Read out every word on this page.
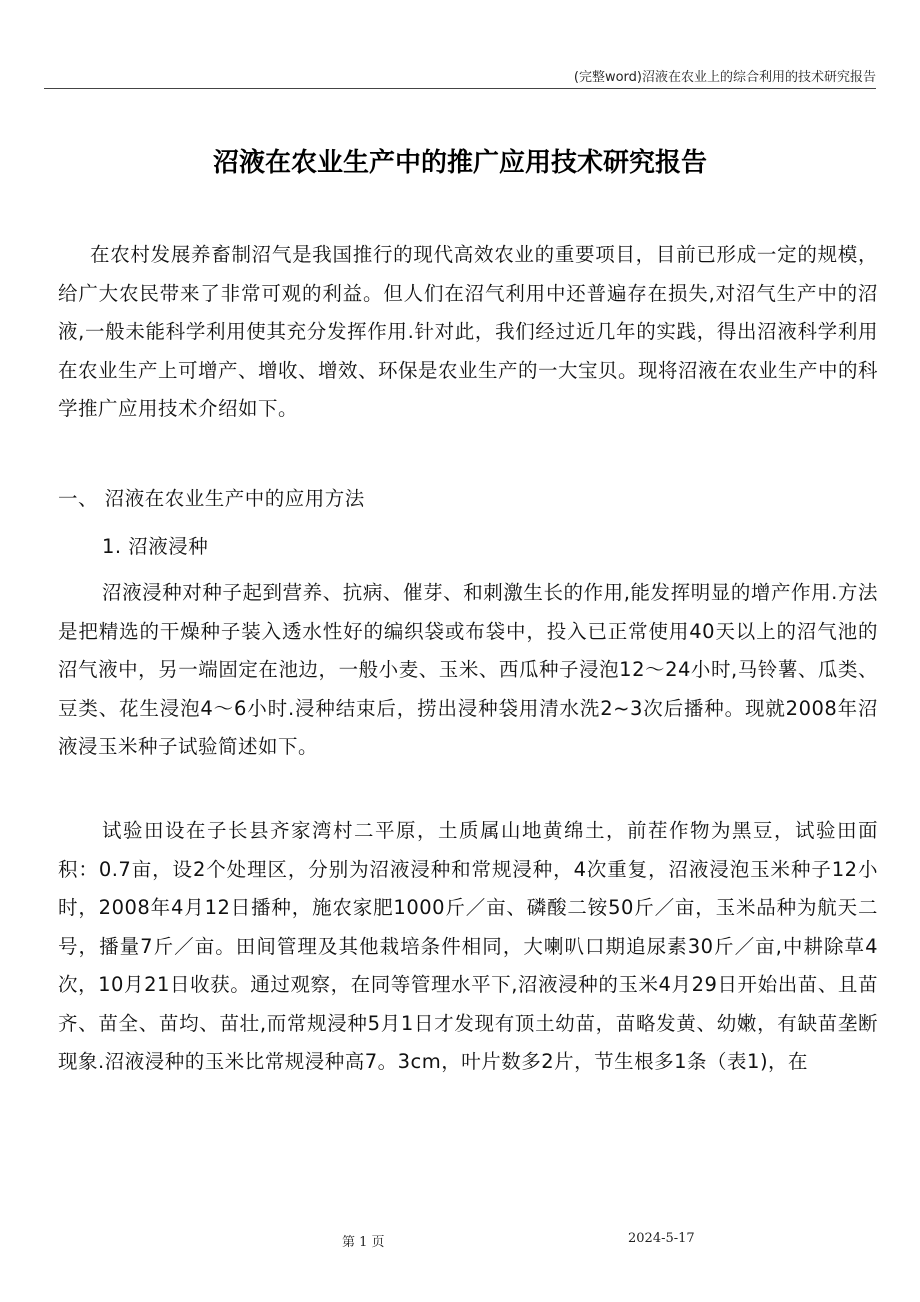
(完整word)沼液在农业上的综合利用的技术研究报告
沼液在农业生产中的推广应用技术研究报告
在农村发展养畜制沼气是我国推行的现代高效农业的重要项目，目前已形成一定的规模，给广大农民带来了非常可观的利益。但人们在沼气利用中还普遍存在损失,对沼气生产中的沼液,一般未能科学利用使其充分发挥作用.针对此，我们经过近几年的实践，得出沼液科学利用在农业生产上可增产、增收、增效、环保是农业生产的一大宝贝。现将沼液在农业生产中的科学推广应用技术介绍如下。
一、 沼液在农业生产中的应用方法
1. 沼液浸种
沼液浸种对种子起到营养、抗病、催芽、和刺激生长的作用,能发挥明显的增产作用.方法是把精选的干燥种子装入透水性好的编织袋或布袋中，投入已正常使用40天以上的沼气池的沼气液中，另一端固定在池边，一般小麦、玉米、西瓜种子浸泡12～24小时,马铃薯、瓜类、豆类、花生浸泡4～6小时.浸种结束后，捞出浸种袋用清水洗2~3次后播种。现就2008年沼液浸玉米种子试验简述如下。
试验田设在子长县齐家湾村二平原，土质属山地黄绵土，前茬作物为黑豆，试验田面积：0.7亩，设2个处理区，分别为沼液浸种和常规浸种，4次重复，沼液浸泡玉米种子12小时，2008年4月12日播种，施农家肥1000斤／亩、磷酸二铵50斤／亩，玉米品种为航天二号，播量7斤／亩。田间管理及其他栽培条件相同，大喇叭口期追尿素30斤／亩,中耕除草4次，10月21日收获。通过观察，在同等管理水平下,沼液浸种的玉米4月29日开始出苗、且苗齐、苗全、苗均、苗壮,而常规浸种5月1日才发现有顶土幼苗，苗略发黄、幼嫩，有缺苗垄断现象.沼液浸种的玉米比常规浸种高7。3cm，叶片数多2片，节生根多1条（表1)，在
第 1 页	2024-5-17
